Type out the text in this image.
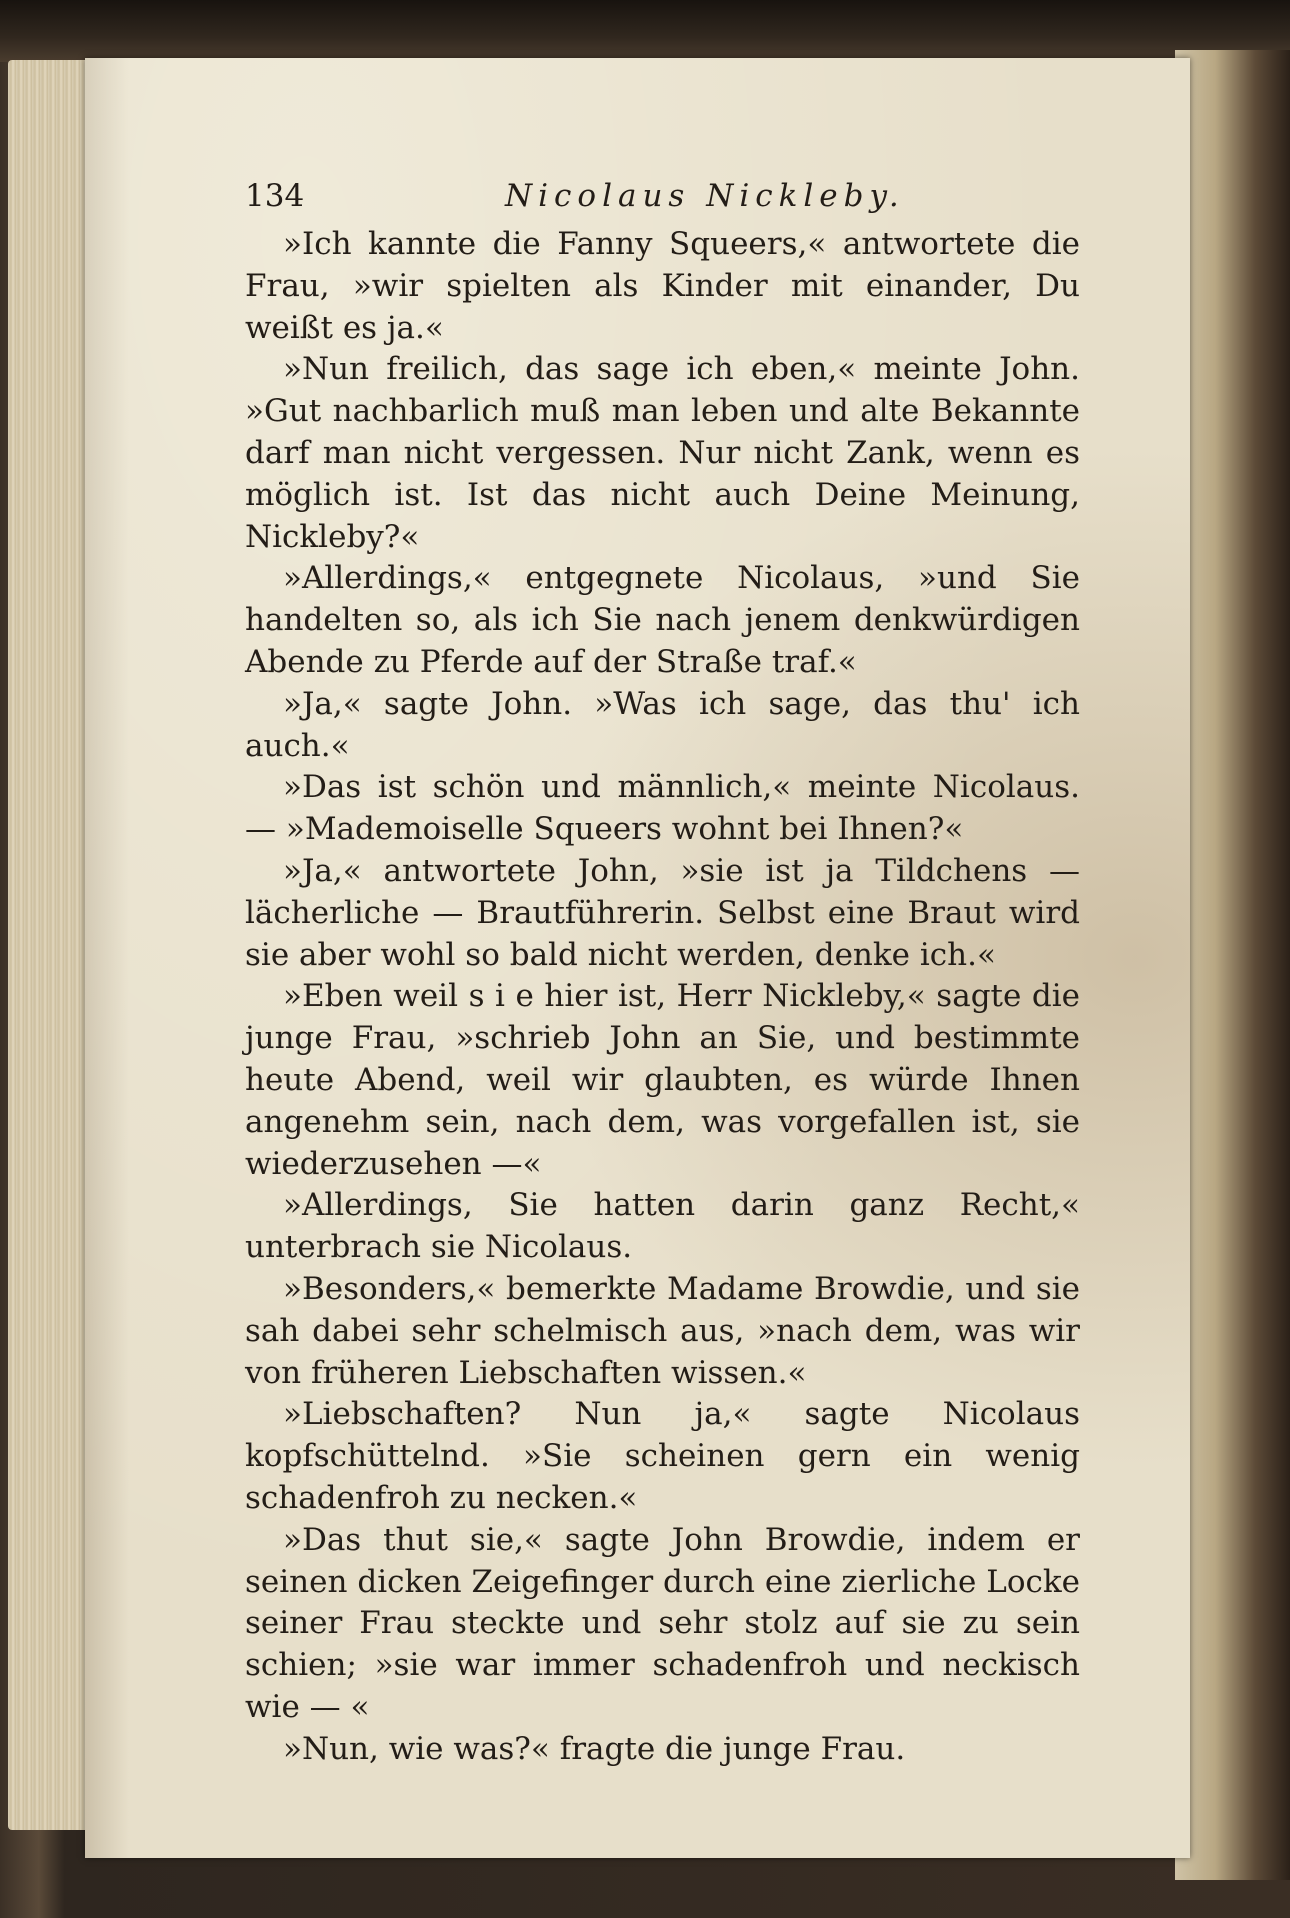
134	Nicolaus Nickleby.

»Ich kannte die Fanny Squeers,« antwortete die Frau, »wir spielten als Kinder mit einander, Du weißt es ja.«

»Nun freilich, das sage ich eben,« meinte John. »Gut nachbarlich muß man leben und alte Bekannte darf man nicht vergessen. Nur nicht Zank, wenn es möglich ist. Ist das nicht auch Deine Meinung, Nickleby?«

»Allerdings,« entgegnete Nicolaus, »und Sie handelten so, als ich Sie nach jenem denkwürdigen Abende zu Pferde auf der Straße traf.«

»Ja,« sagte John. »Was ich sage, das thu' ich auch.«

»Das ist schön und männlich,« meinte Nicolaus. — »Mademoiselle Squeers wohnt bei Ihnen?«

»Ja,« antwortete John, »sie ist ja Tildchens — lächerliche — Brautführerin. Selbst eine Braut wird sie aber wohl so bald nicht werden, denke ich.«

»Eben weil s i e hier ist, Herr Nickleby,« sagte die junge Frau, »schrieb John an Sie, und bestimmte heute Abend, weil wir glaubten, es würde Ihnen angenehm sein, nach dem, was vorgefallen ist, sie wiederzusehen —«

»Allerdings, Sie hatten darin ganz Recht,« unterbrach sie Nicolaus.

»Besonders,« bemerkte Madame Browdie, und sie sah dabei sehr schelmisch aus, »nach dem, was wir von früheren Liebschaften wissen.«

»Liebschaften? Nun ja,« sagte Nicolaus kopfschüttelnd. »Sie scheinen gern ein wenig schadenfroh zu necken.«

»Das thut sie,« sagte John Browdie, indem er seinen dicken Zeigefinger durch eine zierliche Locke seiner Frau steckte und sehr stolz auf sie zu sein schien; »sie war immer schadenfroh und neckisch wie — «

»Nun, wie was?« fragte die junge Frau.
